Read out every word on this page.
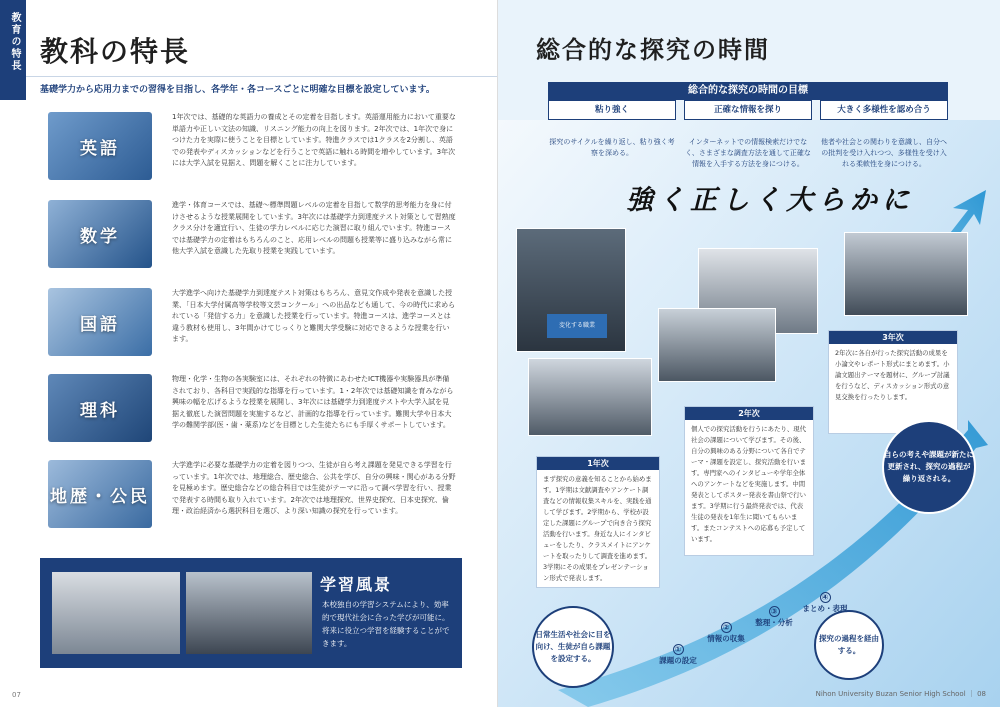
教育の特長 教科の特長
基礎学力から応用力までの習得を目指し、各学年・各コースごとに明確な目標を設定しています。
英語
1年次では、基礎的な英語力の養成とその定着を目指します。英語運用能力において重要な単語力や正しい文法の知識、リスニング能力の向上を図ります。2年次では、1年次で身につけた力を実際に使うことを目標としています。特進クラスでは1クラスを2分割し、英語での発表やディスカッションなどを行うことで英語に触れる時間を増やしています。3年次には大学入試を見据え、問題を解くことに注力しています。
数学
進学・体育コースでは、基礎～標準問題レベルの定着を目指して数学的思考能力を身に付けさせるような授業展開をしています。3年次には基礎学力到達度テスト対策として習熟度クラス分けを適宜行い、生徒の学力レベルに応じた演習に取り組んでいます。特進コースでは基礎学力の定着はもちろんのこと、応用レベルの問題も授業等に盛り込みながら常に他大学入試を意識した先取り授業を実践しています。
国語
大学進学へ向けた基礎学力到達度テスト対策はもちろん、意見文作成や発表を意識した授業、「日本大学付属高等学校等文芸コンクール」への出品なども通して、今の時代に求められている「発信する力」を意識した授業を行っています。特進コースは、進学コースとは違う教材も使用し、3年間かけてじっくりと難関大学受験に対応できるような授業を行います。
理科
物理・化学・生物の各実験室には、それぞれの特徴にあわせたICT機器や実験器具が準備されており、各科目で実践的な指導を行っています。1・2年次では基礎知識を育みながら興味の幅を広げるような授業を展開し、3年次には基礎学力到達度テストや大学入試を見据え徹底した演習問題を実施するなど、計画的な指導を行っています。難関大学や日本大学の難関学部(医・歯・薬系)などを目標とした生徒たちにも手厚くサポートしています。
地歴・公民
大学進学に必要な基礎学力の定着を図りつつ、生徒が自ら考え課題を発見できる学習を行っています。1年次では、地理総合、歴史総合、公共を学び、自分の興味・関心がある分野を見極めます。歴史総合などの総合科目では生徒がテーマに沿って調べ学習を行い、授業で発表する時間も取り入れています。2年次では地理探究、世界史探究、日本史探究、倫理・政治経済から選択科目を選び、より深い知識の探究を行っています。
学習風景
本校独自の学習システムにより、効率的で現代社会に合った学びが可能に。将来に役立つ学習を経験することができます。
07
総合的な探究の時間
総合的な探究の時間の目標
粘り強く	正確な情報を探り	大きく多様性を認め合う
探究のサイクルを繰り返し、粘り強く考察を深める。
インターネットでの情報検索だけでなく、さまざまな調査方法を通して正確な情報を入手する方法を身につける。
他者や社会との関わりを意識し、自分への批判を受け入れつつ、多様性を受け入れる柔軟性を身につける。
強く正しく大らかに
変化する職業
1年次
まず探究の意義を知ることから始めます。1学期は文献調査やアンケート調査などの情報収集スキルを、実践を通して学びます。2学期から、学校が設定した課題にグループで向き合う探究活動を行います。身近な人にインタビューをしたり、クラスメイトにアンケートを取ったりして調査を進めます。3学期にその成果をプレゼンテーション形式で発表します。
2年次
個人での探究活動を行うにあたり、現代社会の課題について学びます。その後、自分の興味のある分野について各自でテーマ・課題を設定し、探究活動を行います。専門家へのインタビューや学年全体へのアンケートなどを実施します。中間発表としてポスター発表を書山祭で行います。3学期に行う最終発表では、代表生徒の発表を1年生に聞いてもらいます。またコンテストへの応募も予定しています。
3年次
2年次に各自が行った探究活動の成果を小論文やレポート形式にまとめます。小論文題出テーマを題材に、グループ討議を行うなど、ディスカッション形式の意見交換を行ったりします。
日常生活や社会に目を向け、生徒が自ら課題を設定する。
探究の過程を経由する。
自らの考えや課題が新たに更新され、探究の過程が繰り返される。
①
課題の設定
②
情報の収集
③
整理・分析
④
まとめ・表現
Nihon University Buzan Senior High School ｜ 08
